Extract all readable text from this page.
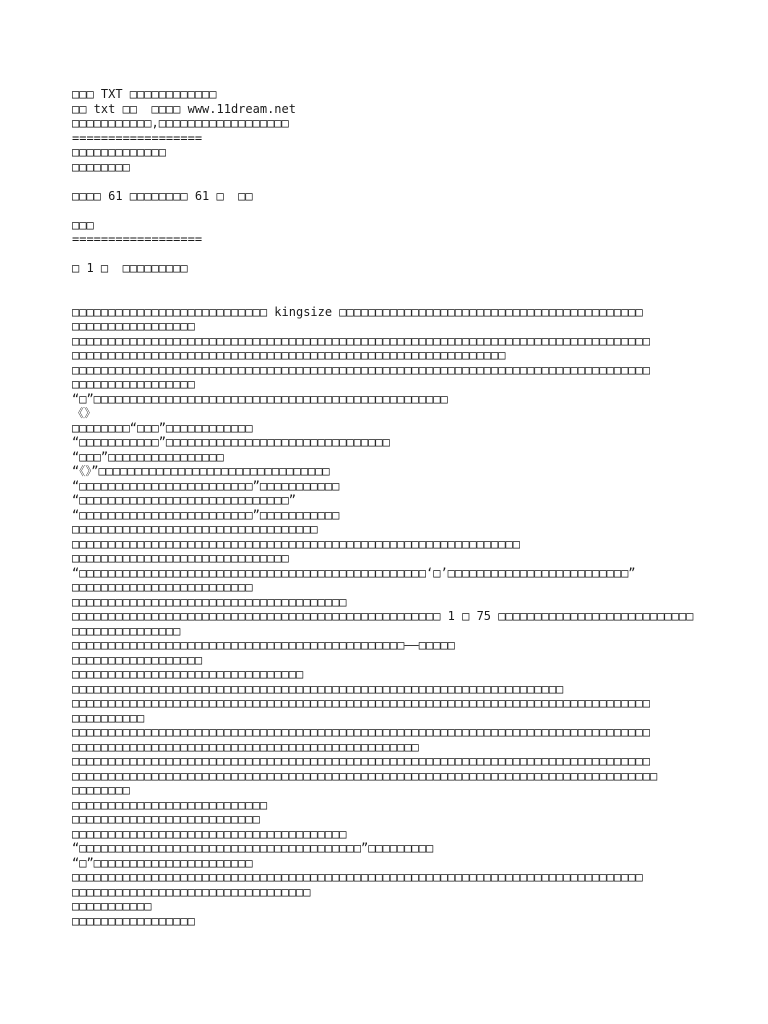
□□□ TXT □□□□□□□□□□□□
□□ txt □□  □□□□ www.11dream.net
□□□□□□□□□□□,□□□□□□□□□□□□□□□□□□
==================
□□□□□□□□□□□□□
□□□□□□□□
□□□□ 61 □□□□□□□□ 61 □  □□
□□□
==================
□ 1 □  □□□□□□□□□
□□□□□□□□□□□□□□□□□□□□□□□□□□□ kingsize □□□□□□□□□□□□□□□□□□□□□□□□□□□□□□□□□□□□□□□□□□
□□□□□□□□□□□□□□□□□
□□□□□□□□□□□□□□□□□□□□□□□□□□□□□□□□□□□□□□□□□□□□□□□□□□□□□□□□□□□□□□□□□□□□□□□□□□□□□□□□
□□□□□□□□□□□□□□□□□□□□□□□□□□□□□□□□□□□□□□□□□□□□□□□□□□□□□□□□□□□□
□□□□□□□□□□□□□□□□□□□□□□□□□□□□□□□□□□□□□□□□□□□□□□□□□□□□□□□□□□□□□□□□□□□□□□□□□□□□□□□□
□□□□□□□□□□□□□□□□□
“□”□□□□□□□□□□□□□□□□□□□□□□□□□□□□□□□□□□□□□□□□□□□□□□□□□
《》
□□□□□□□□“□□□”□□□□□□□□□□□□
“□□□□□□□□□□□”□□□□□□□□□□□□□□□□□□□□□□□□□□□□□□□
“□□□”□□□□□□□□□□□□□□□□
“《》”□□□□□□□□□□□□□□□□□□□□□□□□□□□□□□□□
“□□□□□□□□□□□□□□□□□□□□□□□□”□□□□□□□□□□□
“□□□□□□□□□□□□□□□□□□□□□□□□□□□□□”
“□□□□□□□□□□□□□□□□□□□□□□□□”□□□□□□□□□□□
□□□□□□□□□□□□□□□□□□□□□□□□□□□□□□□□□□
□□□□□□□□□□□□□□□□□□□□□□□□□□□□□□□□□□□□□□□□□□□□□□□□□□□□□□□□□□□□□□
□□□□□□□□□□□□□□□□□□□□□□□□□□□□□□
“□□□□□□□□□□□□□□□□□□□□□□□□□□□□□□□□□□□□□□□□□□□□□□□□‘□’□□□□□□□□□□□□□□□□□□□□□□□□□”
□□□□□□□□□□□□□□□□□□□□□□□□□
□□□□□□□□□□□□□□□□□□□□□□□□□□□□□□□□□□□□□□
□□□□□□□□□□□□□□□□□□□□□□□□□□□□□□□□□□□□□□□□□□□□□□□□□□□ 1 □ 75 □□□□□□□□□□□□□□□□□□□□□□□□□□□
□□□□□□□□□□□□□□□
□□□□□□□□□□□□□□□□□□□□□□□□□□□□□□□□□□□□□□□□□□□□□□——□□□□□
□□□□□□□□□□□□□□□□□□
□□□□□□□□□□□□□□□□□□□□□□□□□□□□□□□□
□□□□□□□□□□□□□□□□□□□□□□□□□□□□□□□□□□□□□□□□□□□□□□□□□□□□□□□□□□□□□□□□□□□□
□□□□□□□□□□□□□□□□□□□□□□□□□□□□□□□□□□□□□□□□□□□□□□□□□□□□□□□□□□□□□□□□□□□□□□□□□□□□□□□□
□□□□□□□□□□
□□□□□□□□□□□□□□□□□□□□□□□□□□□□□□□□□□□□□□□□□□□□□□□□□□□□□□□□□□□□□□□□□□□□□□□□□□□□□□□□
□□□□□□□□□□□□□□□□□□□□□□□□□□□□□□□□□□□□□□□□□□□□□□□□
□□□□□□□□□□□□□□□□□□□□□□□□□□□□□□□□□□□□□□□□□□□□□□□□□□□□□□□□□□□□□□□□□□□□□□□□□□□□□□□□
□□□□□□□□□□□□□□□□□□□□□□□□□□□□□□□□□□□□□□□□□□□□□□□□□□□□□□□□□□□□□□□□□□□□□□□□□□□□□□□□□
□□□□□□□□
□□□□□□□□□□□□□□□□□□□□□□□□□□□
□□□□□□□□□□□□□□□□□□□□□□□□□□
□□□□□□□□□□□□□□□□□□□□□□□□□□□□□□□□□□□□□□
“□□□□□□□□□□□□□□□□□□□□□□□□□□□□□□□□□□□□□□□”□□□□□□□□□
“□”□□□□□□□□□□□□□□□□□□□□□□
□□□□□□□□□□□□□□□□□□□□□□□□□□□□□□□□□□□□□□□□□□□□□□□□□□□□□□□□□□□□□□□□□□□□□□□□□□□□□□□
□□□□□□□□□□□□□□□□□□□□□□□□□□□□□□□□□
□□□□□□□□□□□
□□□□□□□□□□□□□□□□□
